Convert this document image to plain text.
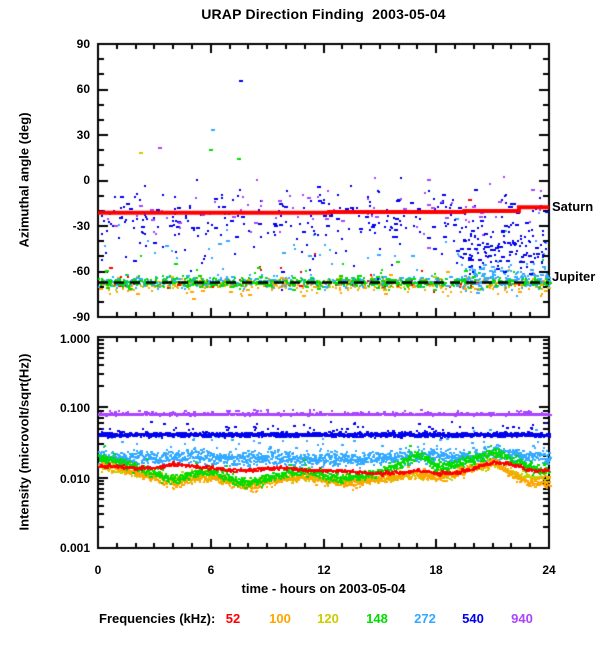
URAP Direction Finding  2003-05-04
Azimuthal angle (deg)
90
60
30
0
-30
-60
-90
Saturn
Jupiter
Intensity (microvolt/sqrt(Hz))
1.000
0.100
0.010
0.001
0	6	12	18	24
time - hours on 2003-05-04
Frequencies (kHz): 52 100 120 148 272 540 940
